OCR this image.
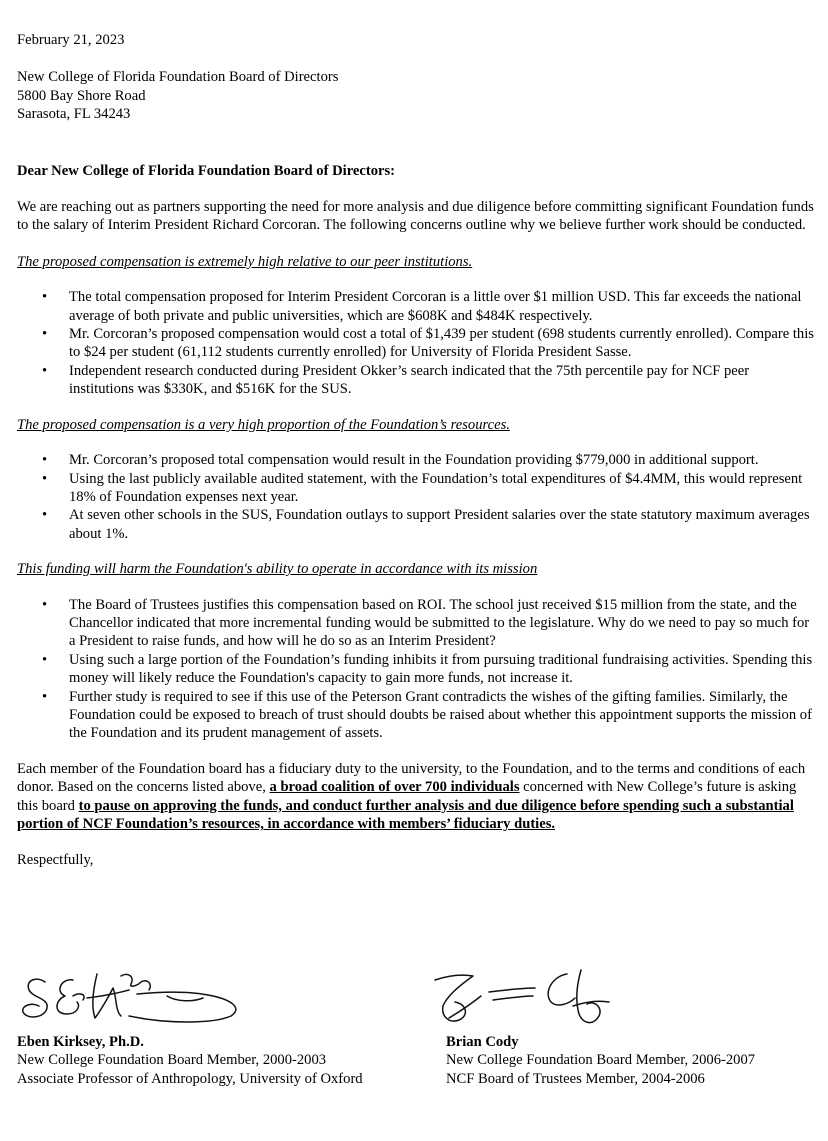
February 21, 2023

New College of Florida Foundation Board of Directors

5800 Bay Shore Road

Sarasota, FL 34243

Dear New College of Florida Foundation Board of Directors:

We are reaching out as partners supporting the need for more analysis and due diligence before committing significant Foundation funds to the salary of Interim President Richard Corcoran. The following concerns outline why we believe further work should be conducted.

The proposed compensation is extremely high relative to our peer institutions.

• The total compensation proposed for Interim President Corcoran is a little over $1 million USD. This far exceeds the national average of both private and public universities, which are $608K and $484K respectively.
• Mr. Corcoran’s proposed compensation would cost a total of $1,439 per student (698 students currently enrolled). Compare this to $24 per student (61,112 students currently enrolled) for University of Florida President Sasse.
• Independent research conducted during President Okker’s search indicated that the 75th percentile pay for NCF peer institutions was $330K, and $516K for the SUS.

The proposed compensation is a very high proportion of the Foundation’s resources.

• Mr. Corcoran’s proposed total compensation would result in the Foundation providing $779,000 in additional support.
• Using the last publicly available audited statement, with the Foundation’s total expenditures of $4.4MM, this would represent 18% of Foundation expenses next year.
• At seven other schools in the SUS, Foundation outlays to support President salaries over the state statutory maximum averages about 1%.

This funding will harm the Foundation's ability to operate in accordance with its mission

• The Board of Trustees justifies this compensation based on ROI. The school just received $15 million from the state, and the Chancellor indicated that more incremental funding would be submitted to the legislature. Why do we need to pay so much for a President to raise funds, and how will he do so as an Interim President?
• Using such a large portion of the Foundation’s funding inhibits it from pursuing traditional fundraising activities. Spending this money will likely reduce the Foundation's capacity to gain more funds, not increase it.
• Further study is required to see if this use of the Peterson Grant contradicts the wishes of the gifting families. Similarly, the Foundation could be exposed to breach of trust should doubts be raised about whether this appointment supports the mission of the Foundation and its prudent management of assets.

Each member of the Foundation board has a fiduciary duty to the university, to the Foundation, and to the terms and conditions of each donor. Based on the concerns listed above, a broad coalition of over 700 individuals concerned with New College’s future is asking this board to pause on approving the funds, and conduct further analysis and due diligence before spending such a substantial portion of NCF Foundation’s resources, in accordance with members’ fiduciary duties.

Respectfully,

Eben Kirksey, Ph.D.

New College Foundation Board Member, 2000-2003

Associate Professor of Anthropology, University of Oxford

Brian Cody

New College Foundation Board Member, 2006-2007

NCF Board of Trustees Member, 2004-2006
